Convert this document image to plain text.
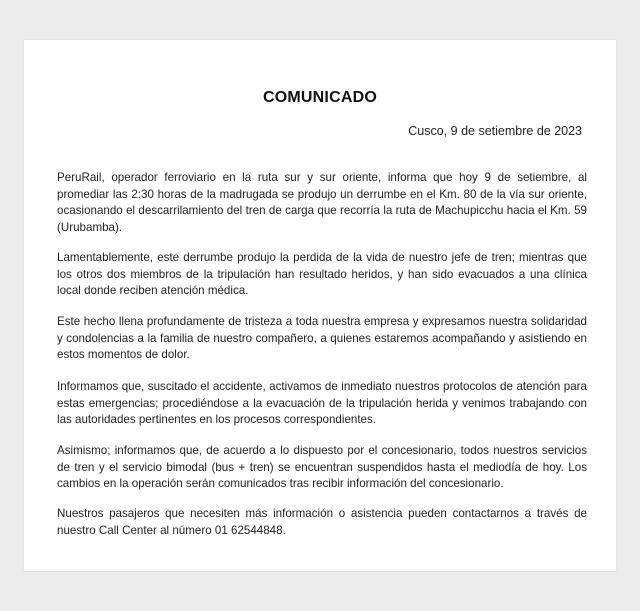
COMUNICADO
Cusco, 9 de setiembre de 2023

PeruRail, operador ferroviario en la ruta sur y sur oriente, informa que hoy 9 de setiembre, al promediar las 2:30 horas de la madrugada se produjo un derrumbe en el Km. 80 de la vía sur oriente, ocasionando el descarrilamiento del tren de carga que recorría la ruta de Machupicchu hacia el Km. 59 (Urubamba).

Lamentablemente, este derrumbe produjo la perdida de la vida de nuestro jefe de tren; mientras que los otros dos miembros de la tripulación han resultado heridos, y han sido evacuados a una clínica local donde reciben atención médica.

Este hecho llena profundamente de tristeza a toda nuestra empresa y expresamos nuestra solidaridad y condolencias a la familia de nuestro compañero, a quienes estaremos acompañando y asistiendo en estos momentos de dolor.

Informamos que, suscitado el accidente, activamos de inmediato nuestros protocolos de atención para estas emergencias; procediéndose a la evacuación de la tripulación herida y venimos trabajando con las autoridades pertinentes en los procesos correspondientes.

Asimismo; informamos que, de acuerdo a lo dispuesto por el concesionario, todos nuestros servicios de tren y el servicio bimodal (bus + tren) se encuentran suspendidos hasta el mediodía de hoy. Los cambios en la operación serán comunicados tras recibir información del concesionario.

Nuestros pasajeros que necesiten más información o asistencia pueden contactarnos a través de nuestro Call Center al número 01 62544848.
